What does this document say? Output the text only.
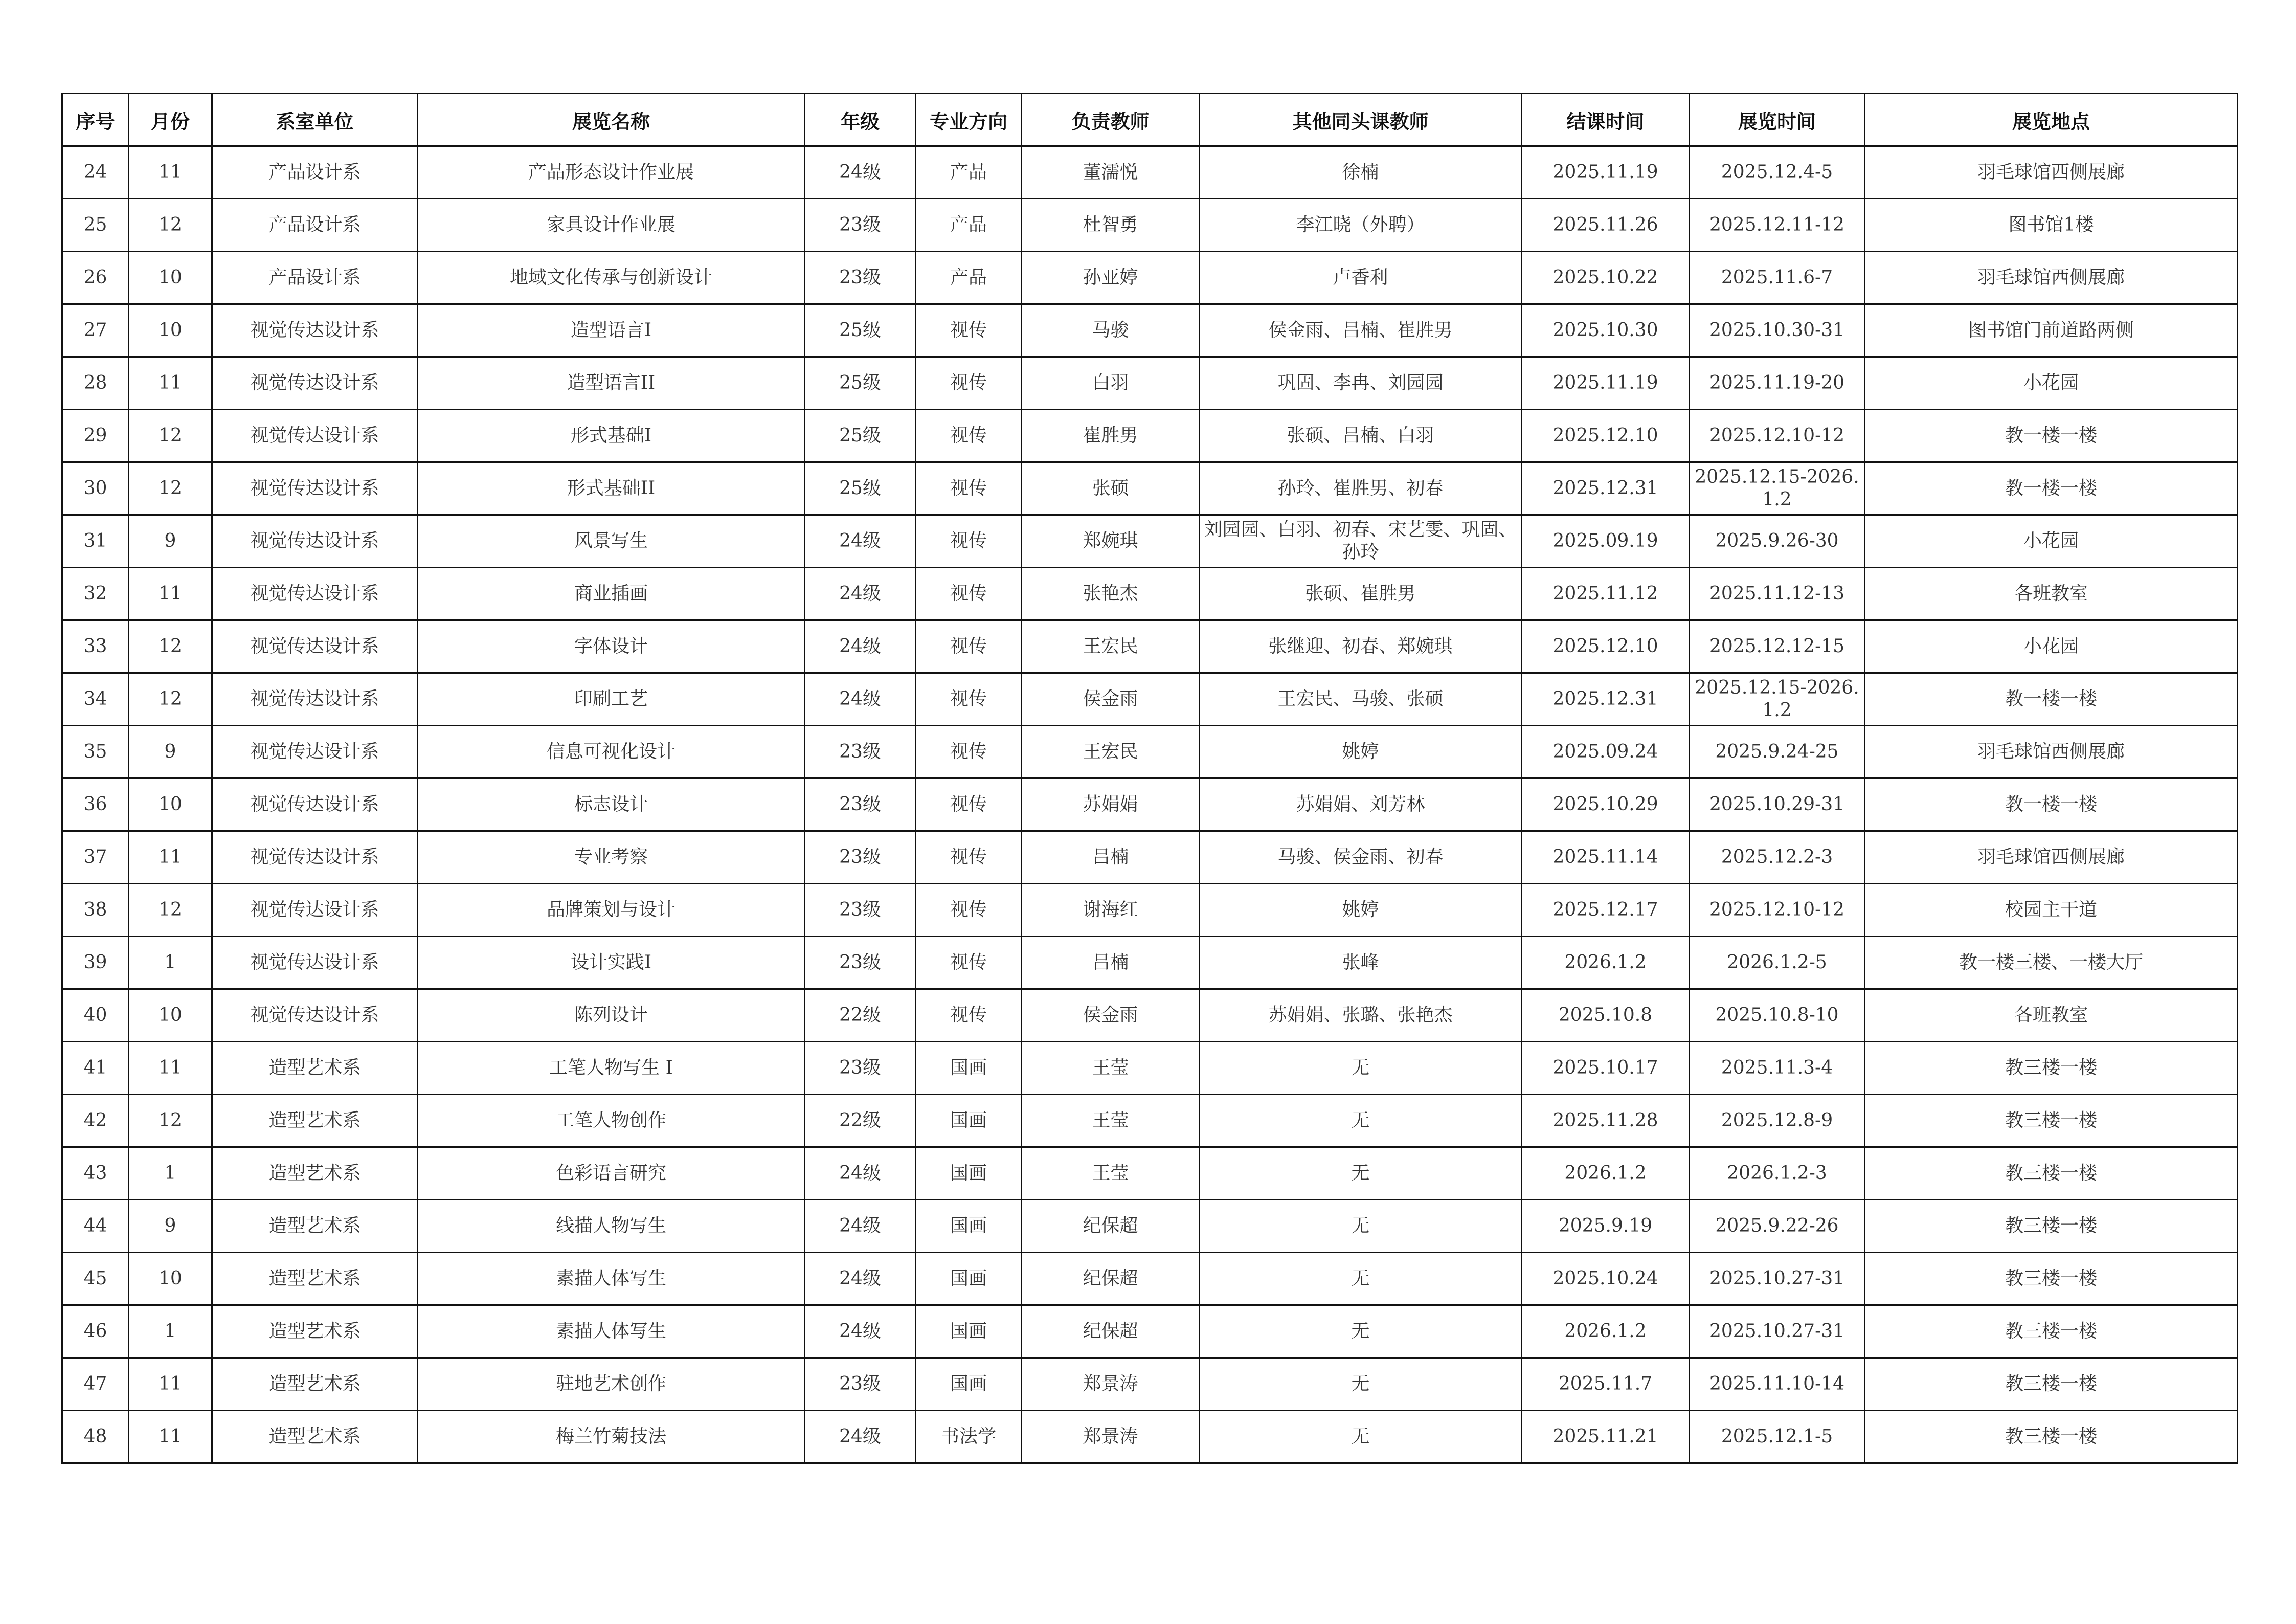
序号	月份	系室单位	展览名称	年级	专业方向	负责教师	其他同头课教师	结课时间	展览时间	展览地点
24	11	产品设计系	产品形态设计作业展	24级	产品	董濡悦	徐楠	2025.11.19	2025.12.4-5	羽毛球馆西侧展廊
25	12	产品设计系	家具设计作业展	23级	产品	杜智勇	李江晓（外聘）	2025.11.26	2025.12.11-12	图书馆1楼
26	10	产品设计系	地域文化传承与创新设计	23级	产品	孙亚婷	卢香利	2025.10.22	2025.11.6-7	羽毛球馆西侧展廊
27	10	视觉传达设计系	造型语言I	25级	视传	马骏	侯金雨、吕楠、崔胜男	2025.10.30	2025.10.30-31	图书馆门前道路两侧
28	11	视觉传达设计系	造型语言II	25级	视传	白羽	巩固、李冉、刘园园	2025.11.19	2025.11.19-20	小花园
29	12	视觉传达设计系	形式基础I	25级	视传	崔胜男	张硕、吕楠、白羽	2025.12.10	2025.12.10-12	教一楼一楼
30	12	视觉传达设计系	形式基础II	25级	视传	张硕	孙玲、崔胜男、初春	2025.12.31	2025.12.15-2026.1.2	教一楼一楼
31	9	视觉传达设计系	风景写生	24级	视传	郑婉琪	刘园园、白羽、初春、宋艺雯、巩固、孙玲	2025.09.19	2025.9.26-30	小花园
32	11	视觉传达设计系	商业插画	24级	视传	张艳杰	张硕、崔胜男	2025.11.12	2025.11.12-13	各班教室
33	12	视觉传达设计系	字体设计	24级	视传	王宏民	张继迎、初春、郑婉琪	2025.12.10	2025.12.12-15	小花园
34	12	视觉传达设计系	印刷工艺	24级	视传	侯金雨	王宏民、马骏、张硕	2025.12.31	2025.12.15-2026.1.2	教一楼一楼
35	9	视觉传达设计系	信息可视化设计	23级	视传	王宏民	姚婷	2025.09.24	2025.9.24-25	羽毛球馆西侧展廊
36	10	视觉传达设计系	标志设计	23级	视传	苏娟娟	苏娟娟、刘芳林	2025.10.29	2025.10.29-31	教一楼一楼
37	11	视觉传达设计系	专业考察	23级	视传	吕楠	马骏、侯金雨、初春	2025.11.14	2025.12.2-3	羽毛球馆西侧展廊
38	12	视觉传达设计系	品牌策划与设计	23级	视传	谢海红	姚婷	2025.12.17	2025.12.10-12	校园主干道
39	1	视觉传达设计系	设计实践I	23级	视传	吕楠	张峰	2026.1.2	2026.1.2-5	教一楼三楼、一楼大厅
40	10	视觉传达设计系	陈列设计	22级	视传	侯金雨	苏娟娟、张璐、张艳杰	2025.10.8	2025.10.8-10	各班教室
41	11	造型艺术系	工笔人物写生 I	23级	国画	王莹	无	2025.10.17	2025.11.3-4	教三楼一楼
42	12	造型艺术系	工笔人物创作	22级	国画	王莹	无	2025.11.28	2025.12.8-9	教三楼一楼
43	1	造型艺术系	色彩语言研究	24级	国画	王莹	无	2026.1.2	2026.1.2-3	教三楼一楼
44	9	造型艺术系	线描人物写生	24级	国画	纪保超	无	2025.9.19	2025.9.22-26	教三楼一楼
45	10	造型艺术系	素描人体写生	24级	国画	纪保超	无	2025.10.24	2025.10.27-31	教三楼一楼
46	1	造型艺术系	素描人体写生	24级	国画	纪保超	无	2026.1.2	2025.10.27-31	教三楼一楼
47	11	造型艺术系	驻地艺术创作	23级	国画	郑景涛	无	2025.11.7	2025.11.10-14	教三楼一楼
48	11	造型艺术系	梅兰竹菊技法	24级	书法学	郑景涛	无	2025.11.21	2025.12.1-5	教三楼一楼
